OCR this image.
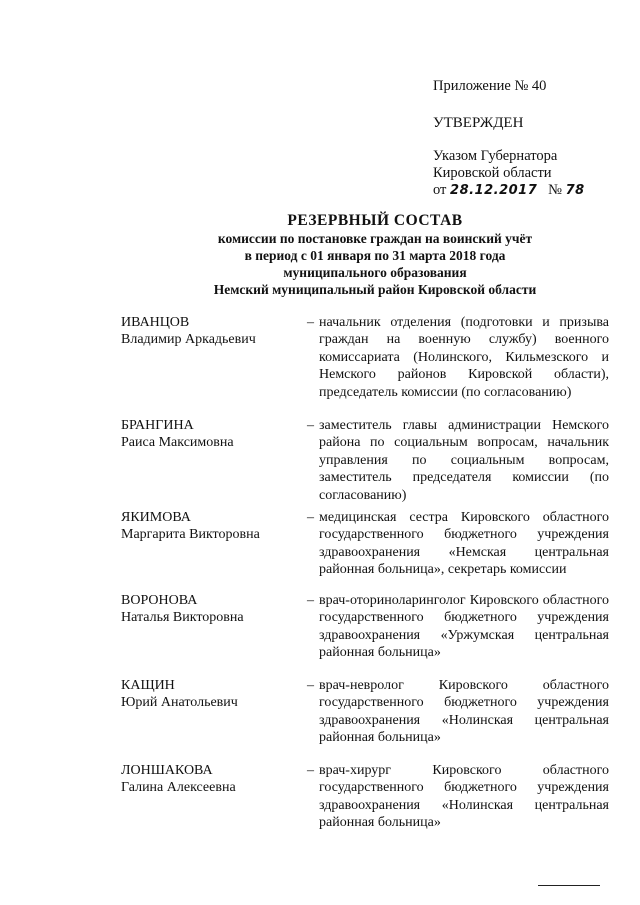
Приложение № 40

УТВЕРЖДЕН

Указом Губернатора

Кировской области

от 28.12.2017 № 78

РЕЗЕРВНЫЙ СОСТАВ

комиссии по постановке граждан на воинский учёт

в период с 01 января по 31 марта 2018 года

муниципального образования

Немский муниципальный район Кировской области

ИВАНЦОВ

Владимир Аркадьевич

– начальник отделения (подготовки и призыва граждан на военную службу) военного комиссариата (Нолинского, Кильмезского и Немского районов Кировской области), председатель комиссии (по согласованию)

БРАНГИНА

Раиса Максимовна

– заместитель главы администрации Немского района по социальным вопросам, начальник управления по социальным вопросам, заместитель председателя комиссии (по согласованию)

ЯКИМОВА

Маргарита Викторовна

– медицинская сестра Кировского областного государственного бюджетного учреждения здравоохранения «Немская центральная районная больница», секретарь комиссии

ВОРОНОВА

Наталья Викторовна

– врач-оториноларинголог Кировского областного государственного бюджетного учреждения здравоохранения «Уржумская центральная районная больница»

КАЩИН

Юрий Анатольевич

– врач-невролог Кировского областного государственного бюджетного учреждения здравоохранения «Нолинская центральная районная больница»

ЛОНШАКОВА

Галина Алексеевна

– врач-хирург Кировского областного государственного бюджетного учреждения здравоохранения «Нолинская центральная районная больница»
